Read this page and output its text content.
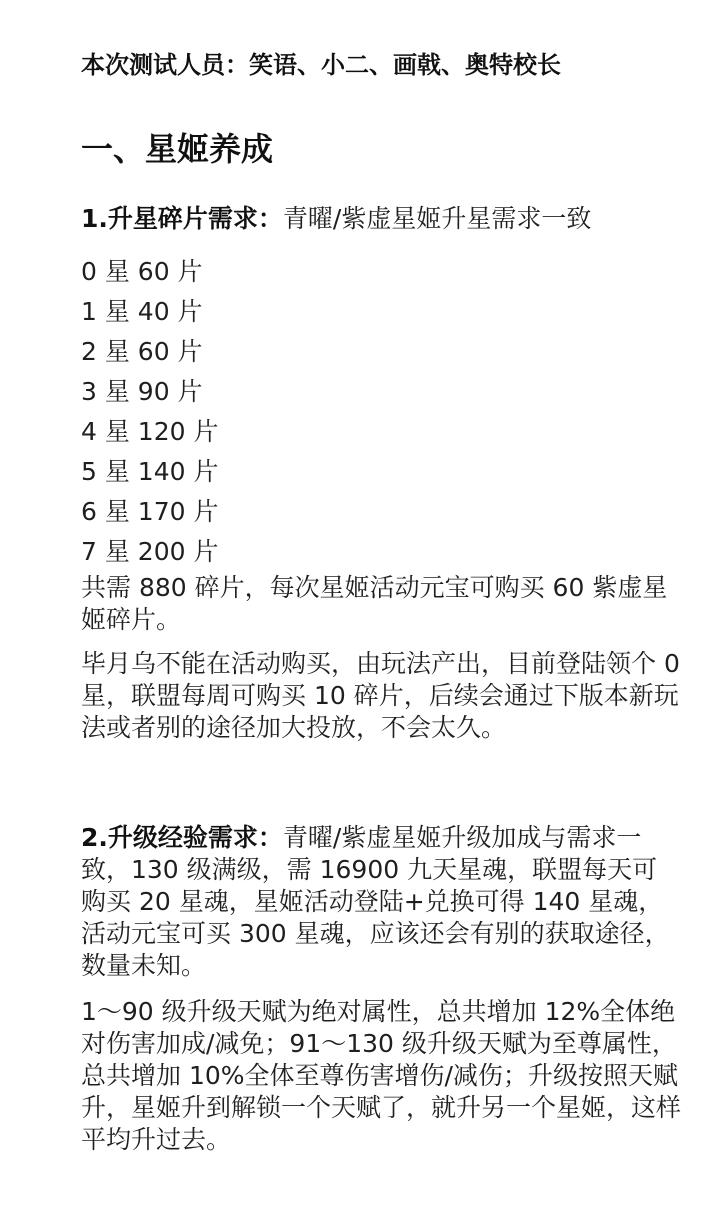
本次测试人员：笑语、小二、画戟、奥特校长
一、星姬养成
1.升星碎片需求：青曜/紫虚星姬升星需求一致
0 星 60 片
1 星 40 片
2 星 60 片
3 星 90 片
4 星 120 片
5 星 140 片
6 星 170 片
7 星 200 片
共需 880 碎片，每次星姬活动元宝可购买 60 紫虚星姬碎片。
毕月乌不能在活动购买，由玩法产出，目前登陆领个 0 星，联盟每周可购买 10 碎片，后续会通过下版本新玩法或者别的途径加大投放，不会太久。
2.升级经验需求：青曜/紫虚星姬升级加成与需求一致，130 级满级，需 16900 九天星魂，联盟每天可购买 20 星魂，星姬活动登陆+兑换可得 140 星魂，活动元宝可买 300 星魂，应该还会有别的获取途径，数量未知。
1～90 级升级天赋为绝对属性，总共增加 12%全体绝对伤害加成/减免；91～130 级升级天赋为至尊属性，总共增加 10%全体至尊伤害增伤/减伤；升级按照天赋升，星姬升到解锁一个天赋了，就升另一个星姬，这样平均升过去。
